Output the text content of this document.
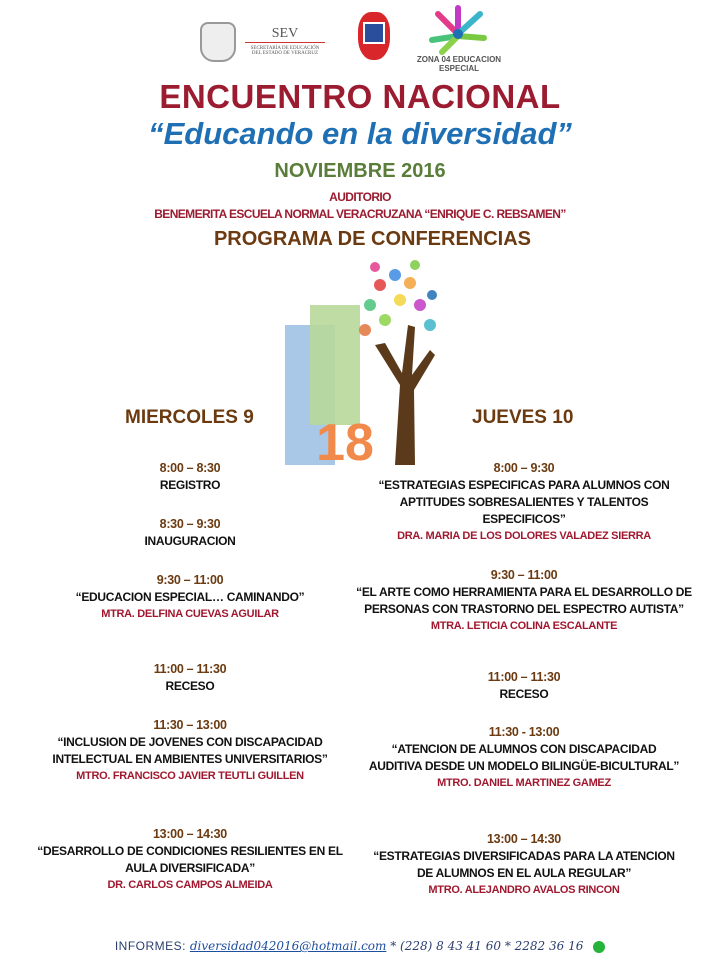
SEV
SECRETARÍA DE EDUCACIÓN
DEL ESTADO DE VERACRUZ
ZONA 04 EDUCACION ESPECIAL
ENCUENTRO NACIONAL
“Educando en la diversidad”
NOVIEMBRE 2016
AUDITORIO
BENEMERITA ESCUELA NORMAL VERACRUZANA “ENRIQUE C. REBSAMEN”
PROGRAMA DE CONFERENCIAS
18
MIERCOLES 9	JUEVES 10
8:00 – 8:30
REGISTRO
8:30 – 9:30
INAUGURACION
9:30 – 11:00
“EDUCACION ESPECIAL… CAMINANDO”
MTRA. DELFINA CUEVAS AGUILAR
11:00 – 11:30
RECESO
11:30 – 13:00
“INCLUSION DE JOVENES CON DISCAPACIDAD
INTELECTUAL EN AMBIENTES UNIVERSITARIOS”
MTRO. FRANCISCO JAVIER TEUTLI GUILLEN
13:00 – 14:30
“DESARROLLO DE CONDICIONES RESILIENTES EN EL
AULA DIVERSIFICADA”
DR. CARLOS CAMPOS ALMEIDA
8:00 – 9:30
“ESTRATEGIAS ESPECIFICAS PARA ALUMNOS CON
APTITUDES SOBRESALIENTES Y TALENTOS
ESPECIFICOS”
DRA. MARIA DE LOS DOLORES VALADEZ SIERRA
9:30 – 11:00
“EL ARTE COMO HERRAMIENTA PARA EL DESARROLLO DE
PERSONAS CON TRASTORNO DEL ESPECTRO AUTISTA”
MTRA. LETICIA COLINA ESCALANTE
11:00 – 11:30
RECESO
11:30 - 13:00
“ATENCION DE ALUMNOS CON DISCAPACIDAD
AUDITIVA DESDE UN MODELO BILINGÜE-BICULTURAL”
MTRO. DANIEL MARTINEZ GAMEZ
13:00 – 14:30
“ESTRATEGIAS DIVERSIFICADAS PARA LA ATENCION
DE ALUMNOS EN EL AULA REGULAR”
MTRO. ALEJANDRO AVALOS RINCON
INFORMES: diversidad042016@hotmail.com * (228) 8 43 41 60 * 2282 36 16
